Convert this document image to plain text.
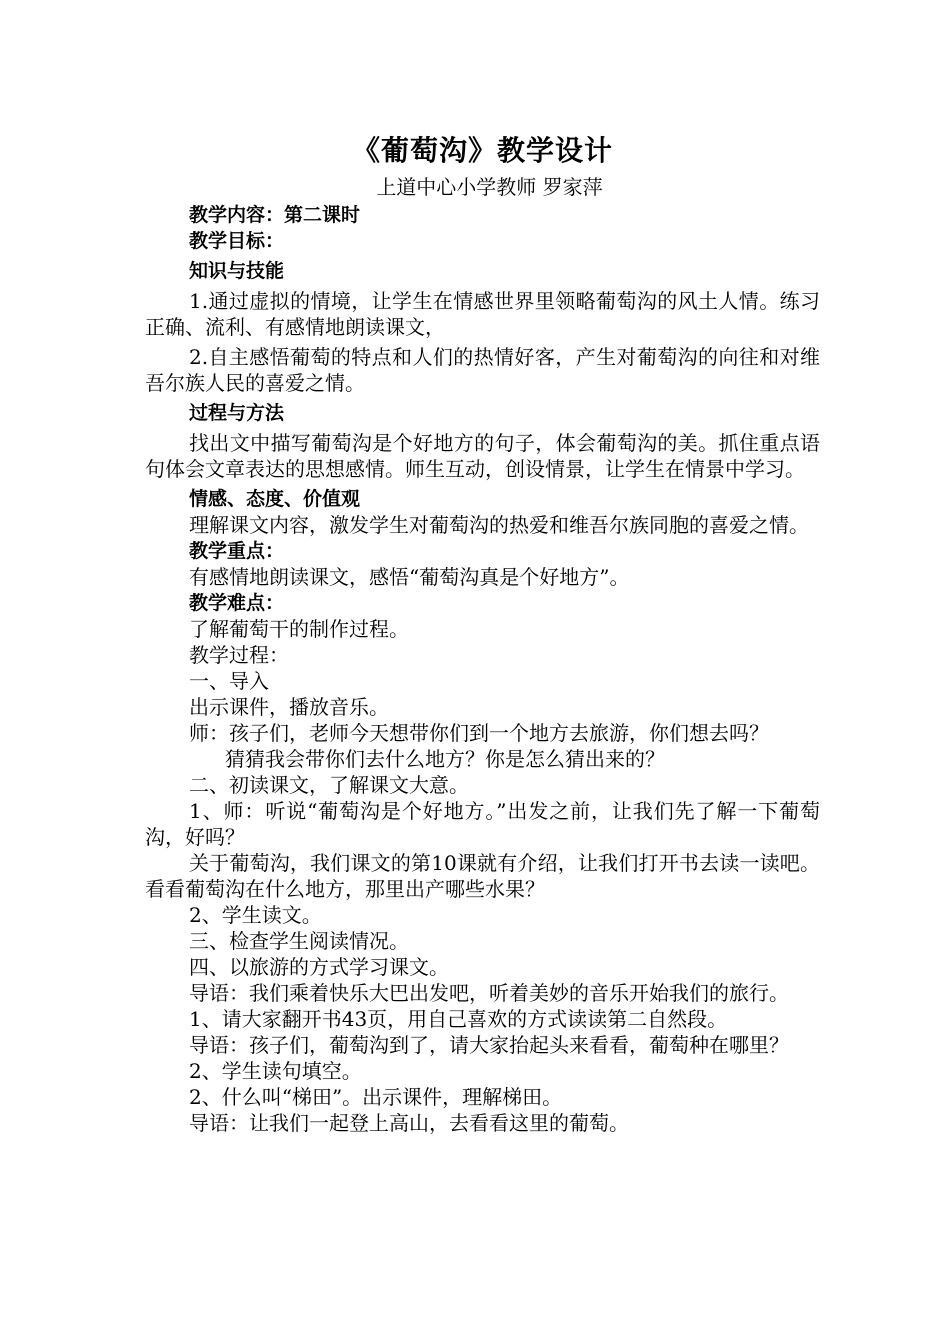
《葡萄沟》教学设计
上道中心小学教师 罗家萍
教学内容：第二课时
教学目标：
知识与技能
1.通过虚拟的情境，让学生在情感世界里领略葡萄沟的风土人情。练习正确、流利、有感情地朗读课文，
2.自主感悟葡萄的特点和人们的热情好客，产生对葡萄沟的向往和对维吾尔族人民的喜爱之情。
过程与方法
找出文中描写葡萄沟是个好地方的句子，体会葡萄沟的美。抓住重点语句体会文章表达的思想感情。师生互动，创设情景，让学生在情景中学习。
情感、态度、价值观
理解课文内容，激发学生对葡萄沟的热爱和维吾尔族同胞的喜爱之情。
教学重点：
有感情地朗读课文，感悟“葡萄沟真是个好地方”。
教学难点：
了解葡萄干的制作过程。
教学过程：
一、导入
出示课件，播放音乐。
师：孩子们，老师今天想带你们到一个地方去旅游，你们想去吗？
猜猜我会带你们去什么地方？你是怎么猜出来的？
二、初读课文，了解课文大意。
1、师：听说“葡萄沟是个好地方。”出发之前，让我们先了解一下葡萄沟，好吗？
关于葡萄沟，我们课文的第10课就有介绍，让我们打开书去读一读吧。看看葡萄沟在什么地方，那里出产哪些水果？
2、学生读文。
三、检查学生阅读情况。
四、以旅游的方式学习课文。
导语：我们乘着快乐大巴出发吧，听着美妙的音乐开始我们的旅行。
1、请大家翻开书43页，用自己喜欢的方式读读第二自然段。
导语：孩子们，葡萄沟到了，请大家抬起头来看看，葡萄种在哪里？
2、学生读句填空。
2、什么叫“梯田”。出示课件，理解梯田。
导语：让我们一起登上高山，去看看这里的葡萄。
